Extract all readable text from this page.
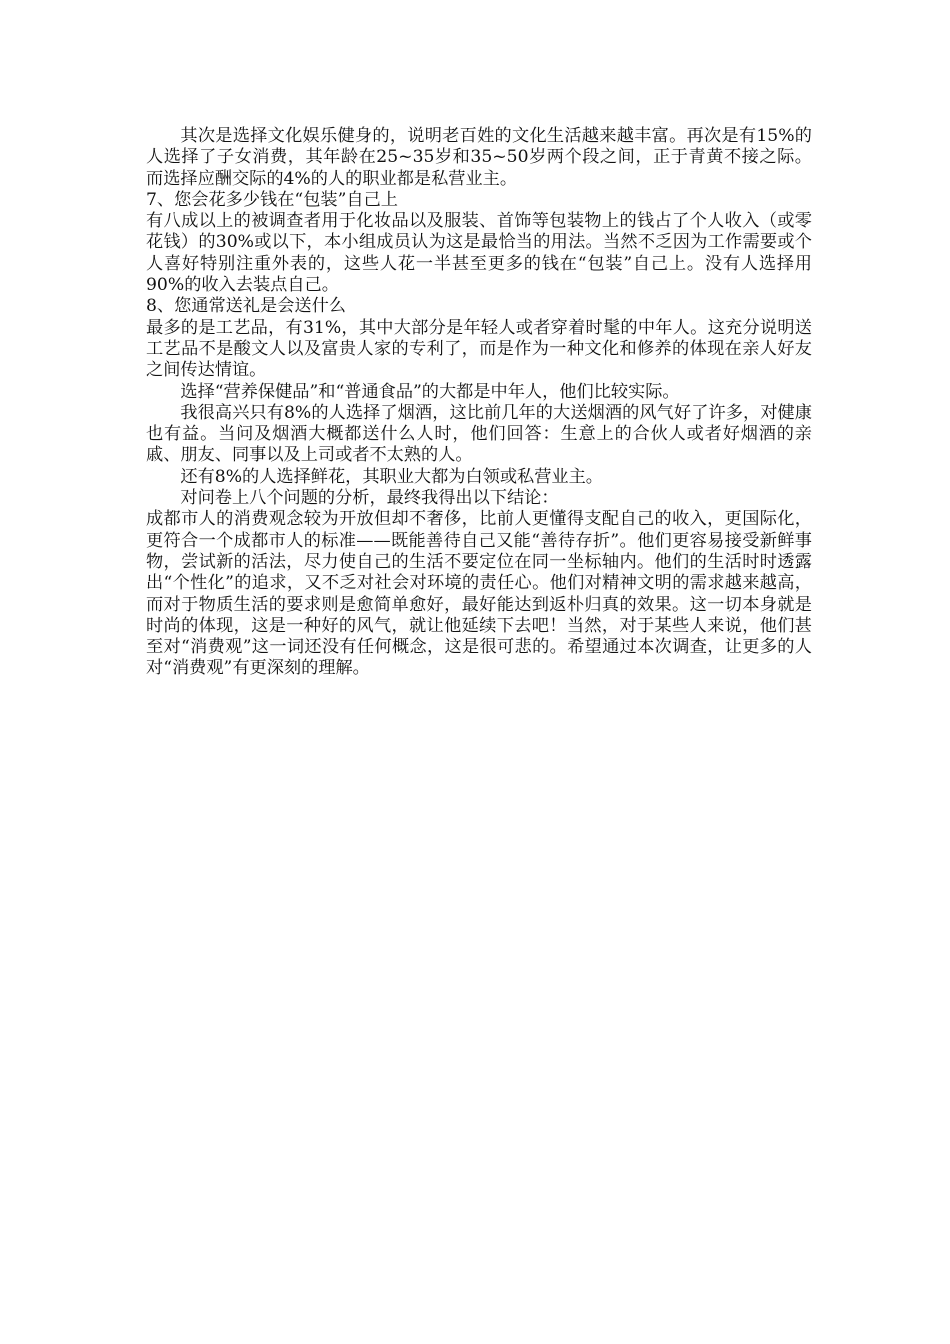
其次是选择文化娱乐健身的，说明老百姓的文化生活越来越丰富。再次是有15%的人选择了子女消费，其年龄在25~35岁和35~50岁两个段之间，正于青黄不接之际。而选择应酬交际的4%的人的职业都是私营业主。

7、您会花多少钱在“包装”自己上

有八成以上的被调查者用于化妆品以及服装、首饰等包装物上的钱占了个人收入（或零花钱）的30%或以下，本小组成员认为这是最恰当的用法。当然不乏因为工作需要或个人喜好特别注重外表的，这些人花一半甚至更多的钱在“包装”自己上。没有人选择用90%的收入去装点自己。

8、您通常送礼是会送什么

最多的是工艺品，有31%，其中大部分是年轻人或者穿着时髦的中年人。这充分说明送工艺品不是酸文人以及富贵人家的专利了，而是作为一种文化和修养的体现在亲人好友之间传达情谊。

选择“营养保健品”和“普通食品”的大都是中年人，他们比较实际。

我很高兴只有8%的人选择了烟酒，这比前几年的大送烟酒的风气好了许多，对健康也有益。当问及烟酒大概都送什么人时，他们回答：生意上的合伙人或者好烟酒的亲戚、朋友、同事以及上司或者不太熟的人。

还有8%的人选择鲜花，其职业大都为白领或私营业主。

对问卷上八个问题的分析，最终我得出以下结论：

成都市人的消费观念较为开放但却不奢侈，比前人更懂得支配自己的收入，更国际化，更符合一个成都市人的标准——既能善待自己又能“善待存折”。他们更容易接受新鲜事物，尝试新的活法，尽力使自己的生活不要定位在同一坐标轴内。他们的生活时时透露出“个性化”的追求，又不乏对社会对环境的责任心。他们对精神文明的需求越来越高，而对于物质生活的要求则是愈简单愈好，最好能达到返朴归真的效果。这一切本身就是时尚的体现，这是一种好的风气，就让他延续下去吧！当然，对于某些人来说，他们甚至对“消费观”这一词还没有任何概念，这是很可悲的。希望通过本次调查，让更多的人对“消费观”有更深刻的理解。
